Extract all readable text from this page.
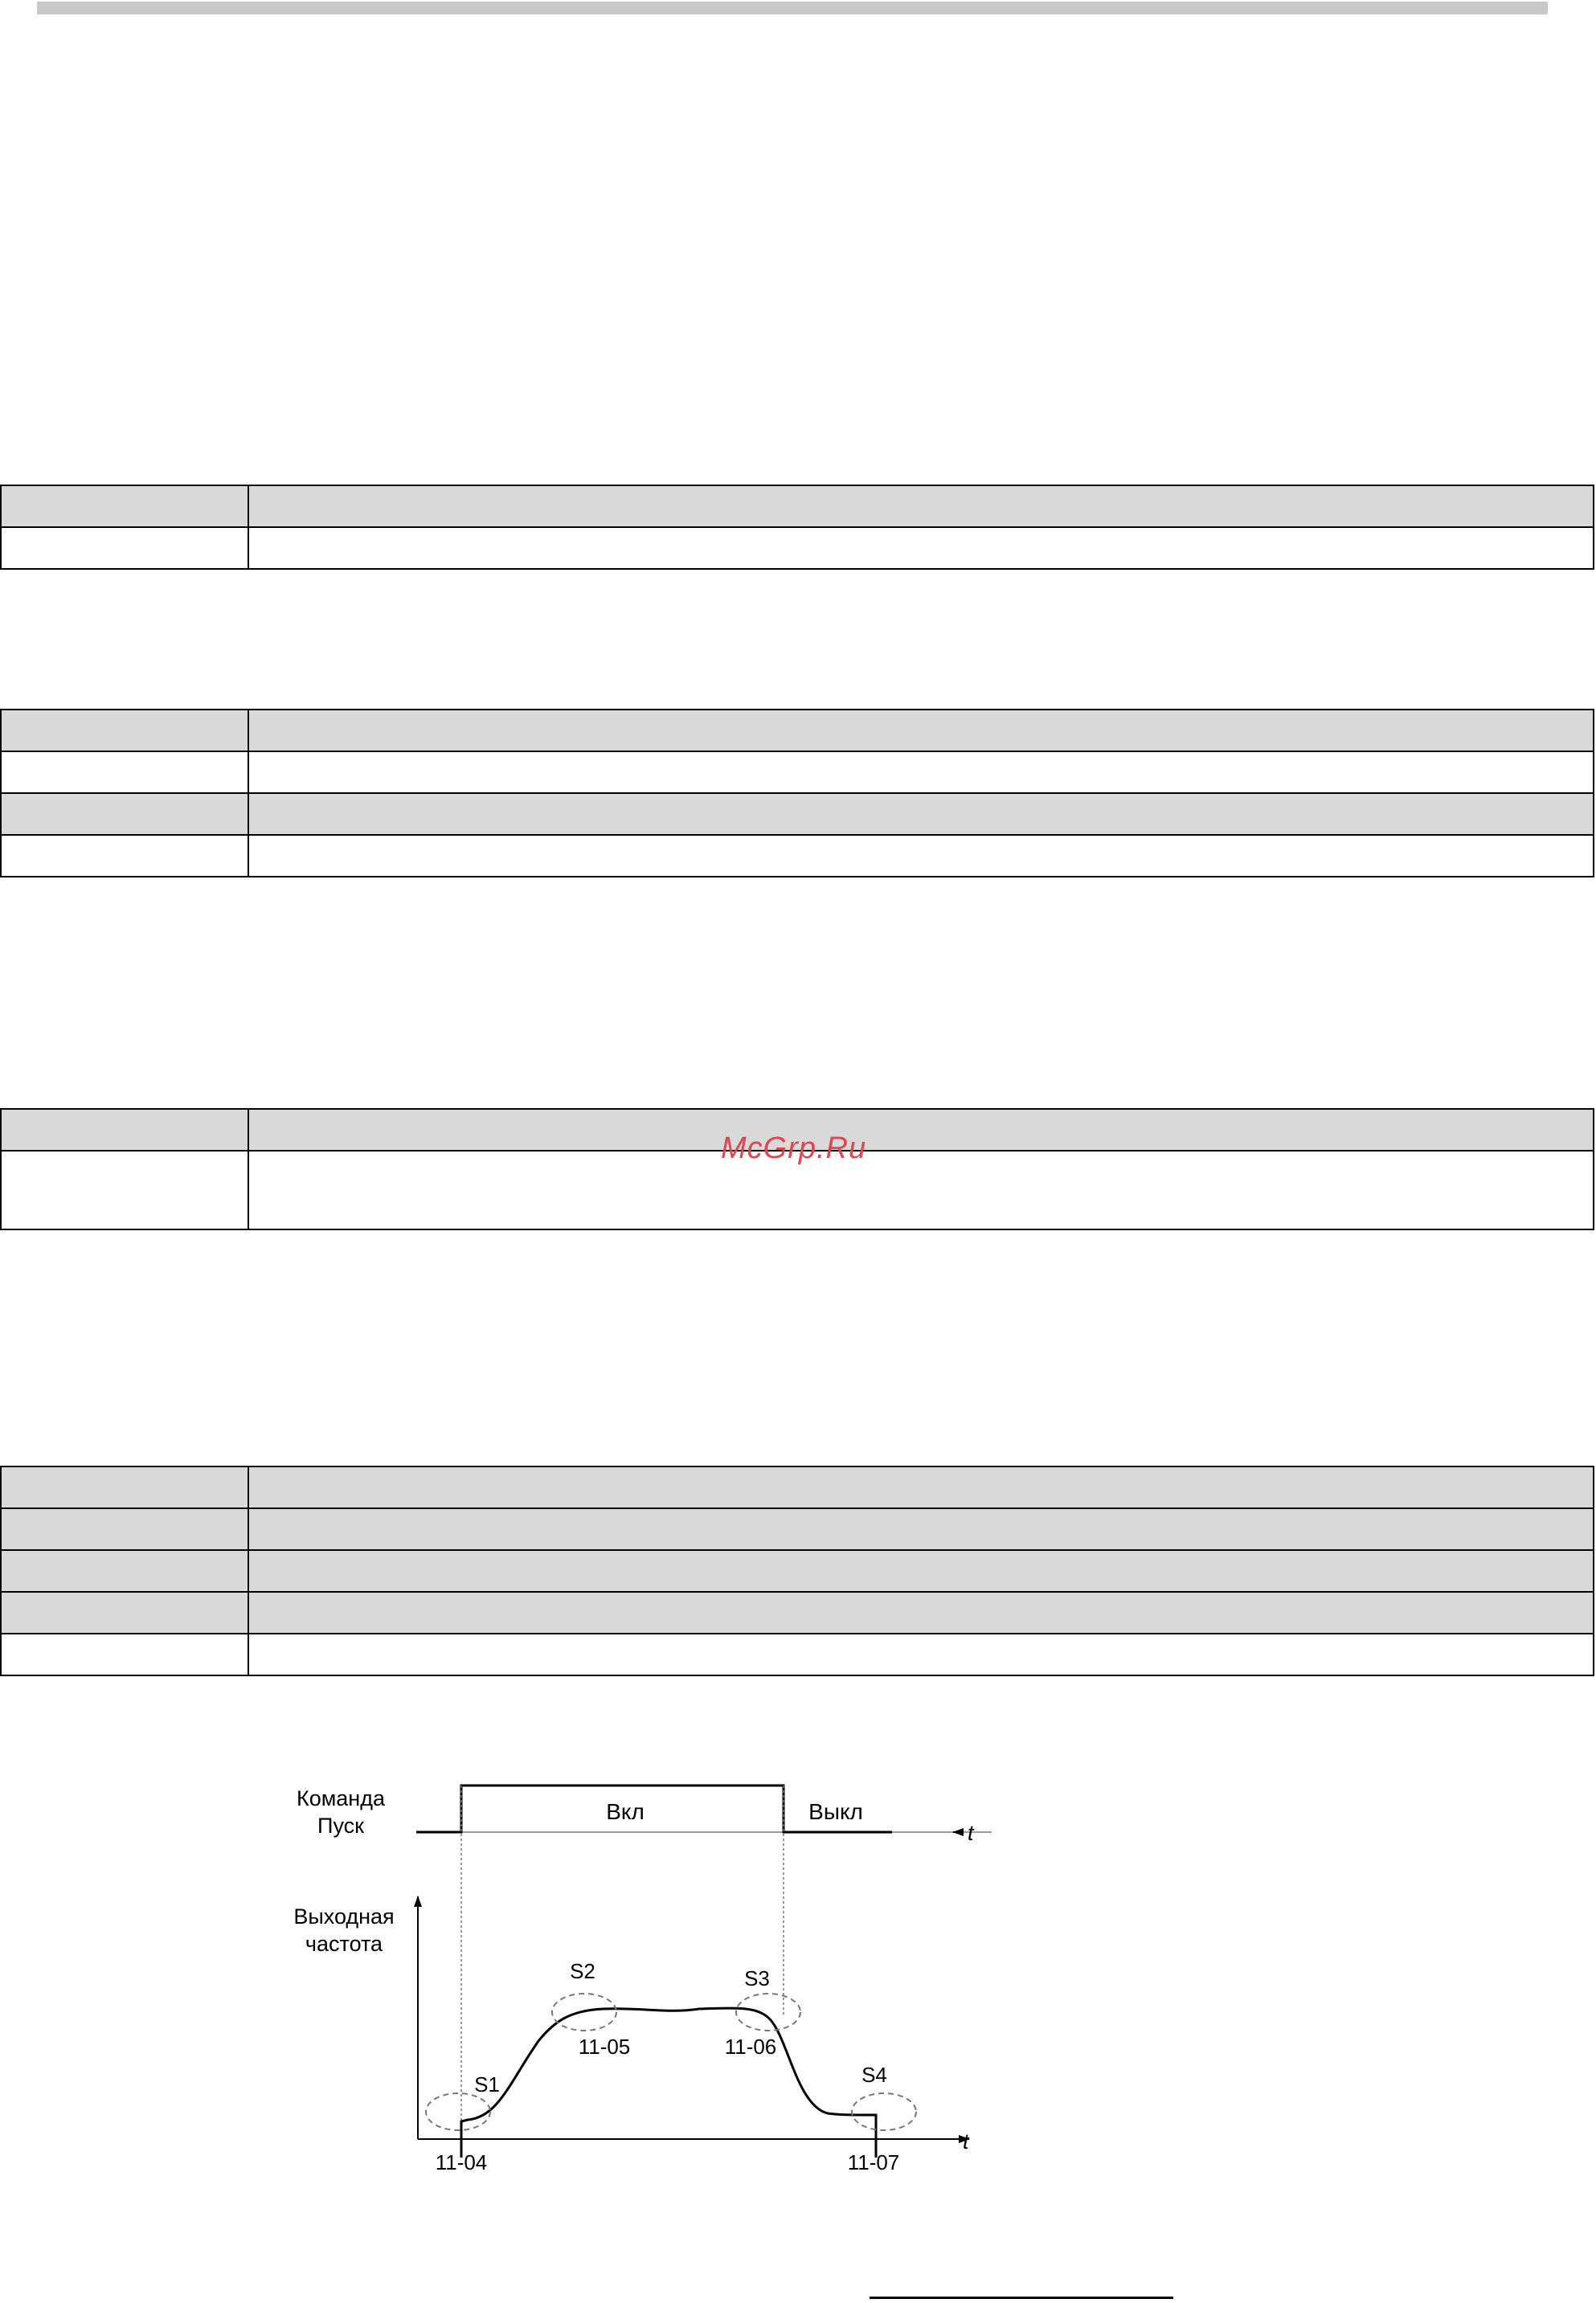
McGrp.Ru

Команда
Пуск	t
Вкл	Выкл
Выходная
частота
t
S1
S2	S3
S4
11-05	11-06
11-04	11-07
